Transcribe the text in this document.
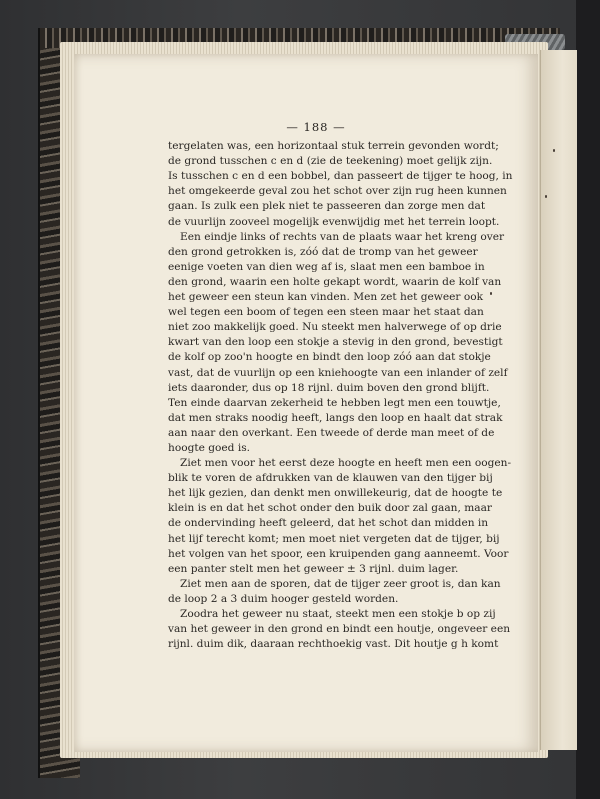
— 188 —
tergelaten was, een horizontaal stuk terrein gevonden wordt;
de grond tusschen c en d (zie de teekening) moet gelijk zijn.
Is tusschen c en d een bobbel, dan passeert de tijger te hoog, in
het omgekeerde geval zou het schot over zijn rug heen kunnen
gaan. Is zulk een plek niet te passeeren dan zorge men dat
de vuurlijn zooveel mogelijk evenwijdig met het terrein loopt.
Een eindje links of rechts van de plaats waar het kreng over
den grond getrokken is, zóó dat de tromp van het geweer
eenige voeten van dien weg af is, slaat men een bamboe in
den grond, waarin een holte gekapt wordt, waarin de kolf van
het geweer een steun kan vinden. Men zet het geweer ook
wel tegen een boom of tegen een steen maar het staat dan
niet zoo makkelijk goed. Nu steekt men halverwege of op drie
kwart van den loop een stokje a stevig in den grond, bevestigt
de kolf op zoo'n hoogte en bindt den loop zóó aan dat stokje
vast, dat de vuurlijn op een kniehoogte van een inlander of zelf
iets daaronder, dus op 18 rijnl. duim boven den grond blijft.
Ten einde daarvan zekerheid te hebben legt men een touwtje,
dat men straks noodig heeft, langs den loop en haalt dat strak
aan naar den overkant. Een tweede of derde man meet of de
hoogte goed is.
Ziet men voor het eerst deze hoogte en heeft men een oogen-
blik te voren de afdrukken van de klauwen van den tijger bij
het lijk gezien, dan denkt men onwillekeurig, dat de hoogte te
klein is en dat het schot onder den buik door zal gaan, maar
de ondervinding heeft geleerd, dat het schot dan midden in
het lijf terecht komt; men moet niet vergeten dat de tijger, bij
het volgen van het spoor, een kruipenden gang aanneemt. Voor
een panter stelt men het geweer ± 3 rijnl. duim lager.
Ziet men aan de sporen, dat de tijger zeer groot is, dan kan
de loop 2 a 3 duim hooger gesteld worden.
Zoodra het geweer nu staat, steekt men een stokje b op zij
van het geweer in den grond en bindt een houtje, ongeveer een
rijnl. duim dik, daaraan rechthoekig vast. Dit houtje g h komt
